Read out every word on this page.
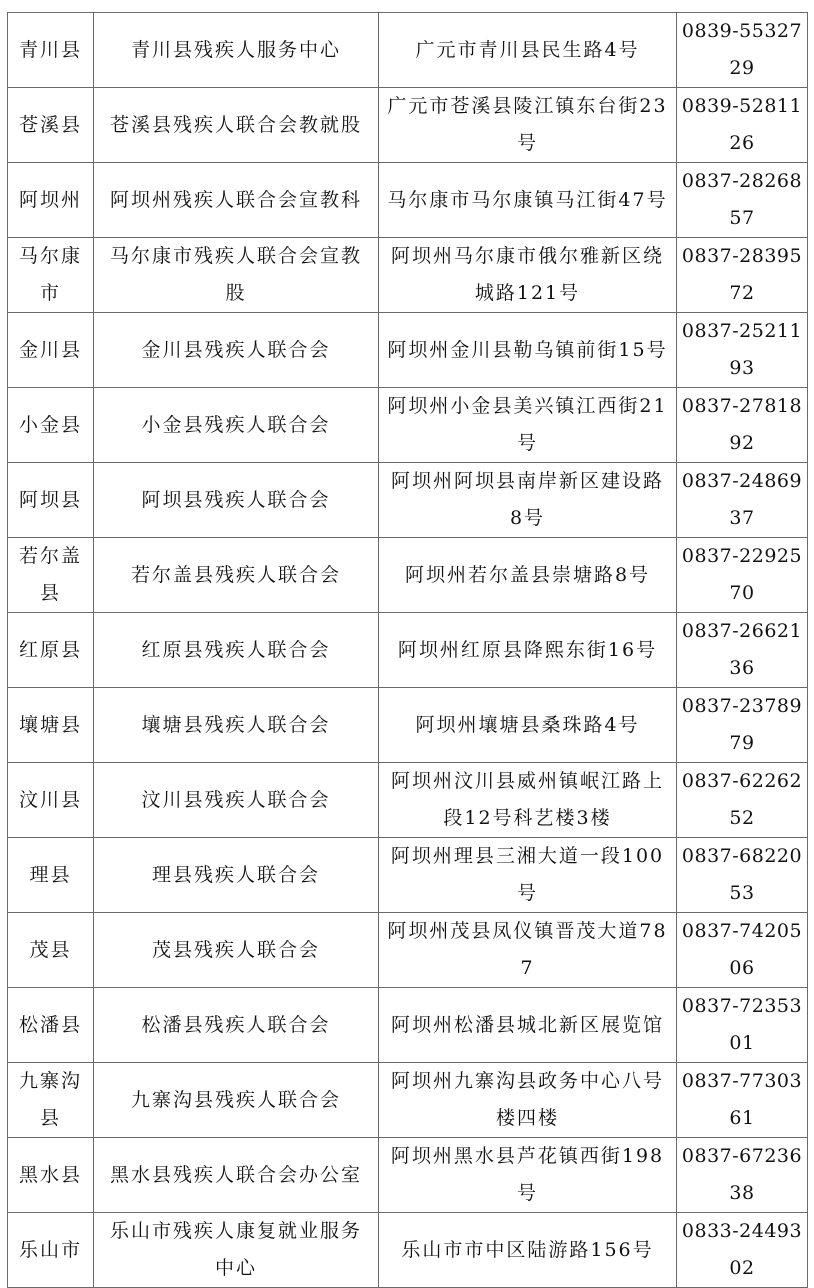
青川县	青川县残疾人服务中心	广元市青川县民生路4号	0839-5532729
苍溪县	苍溪县残疾人联合会教就股	广元市苍溪县陵江镇东台街23号	0839-5281126
阿坝州	阿坝州残疾人联合会宣教科	马尔康市马尔康镇马江街47号	0837-2826857
马尔康市	马尔康市残疾人联合会宣教股	阿坝州马尔康市俄尔雅新区绕城路121号	0837-2839572
金川县	金川县残疾人联合会	阿坝州金川县勒乌镇前街15号	0837-2521193
小金县	小金县残疾人联合会	阿坝州小金县美兴镇江西街21号	0837-2781892
阿坝县	阿坝县残疾人联合会	阿坝州阿坝县南岸新区建设路8号	0837-2486937
若尔盖县	若尔盖县残疾人联合会	阿坝州若尔盖县崇塘路8号	0837-2292570
红原县	红原县残疾人联合会	阿坝州红原县降熙东街16号	0837-2662136
壤塘县	壤塘县残疾人联合会	阿坝州壤塘县桑珠路4号	0837-2378979
汶川县	汶川县残疾人联合会	阿坝州汶川县威州镇岷江路上段12号科艺楼3楼	0837-6226252
理县	理县残疾人联合会	阿坝州理县三湘大道一段100号	0837-6822053
茂县	茂县残疾人联合会	阿坝州茂县凤仪镇晋茂大道787	0837-7420506
松潘县	松潘县残疾人联合会	阿坝州松潘县城北新区展览馆	0837-7235301
九寨沟县	九寨沟县残疾人联合会	阿坝州九寨沟县政务中心八号楼四楼	0837-7730361
黑水县	黑水县残疾人联合会办公室	阿坝州黑水县芦花镇西街198号	0837-6723638
乐山市	乐山市残疾人康复就业服务中心	乐山市市中区陆游路156号	0833-2449302
